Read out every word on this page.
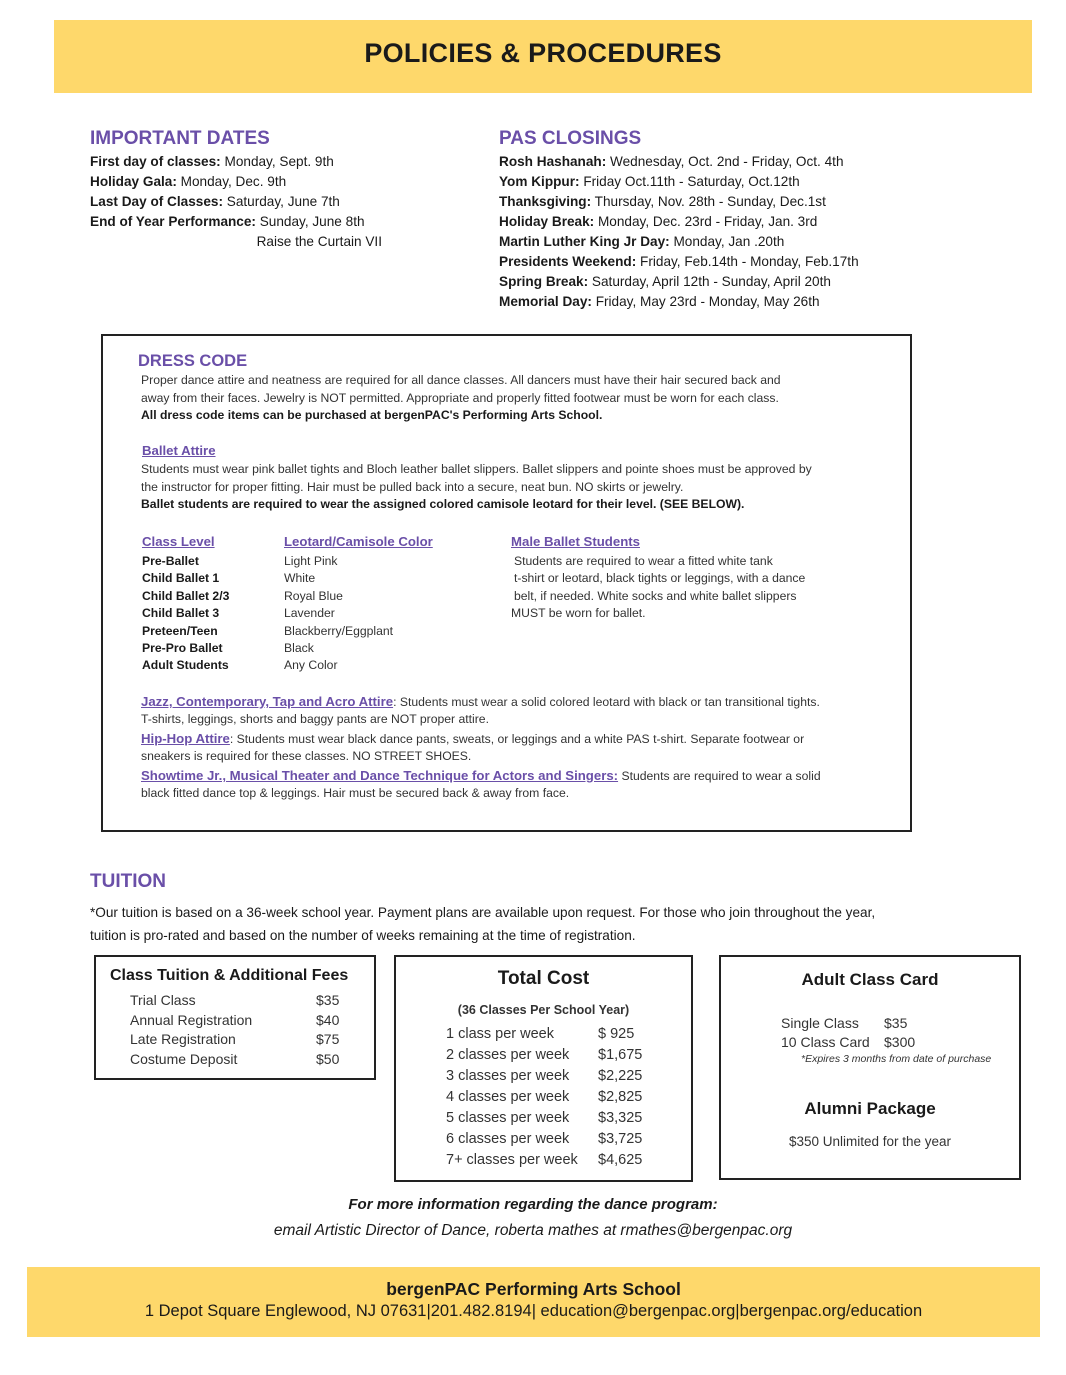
POLICIES & PROCEDURES
IMPORTANT DATES
First day of classes: Monday, Sept. 9th
Holiday Gala: Monday, Dec. 9th
Last Day of Classes: Saturday, June 7th
End of Year Performance: Sunday, June 8th
Raise the Curtain VII
PAS CLOSINGS
Rosh Hashanah: Wednesday, Oct. 2nd - Friday, Oct. 4th
Yom Kippur: Friday Oct.11th - Saturday, Oct.12th
Thanksgiving: Thursday, Nov. 28th - Sunday, Dec.1st
Holiday Break: Monday, Dec. 23rd - Friday, Jan. 3rd
Martin Luther King Jr Day: Monday, Jan .20th
Presidents Weekend: Friday, Feb.14th - Monday, Feb.17th
Spring Break: Saturday, April 12th - Sunday, April 20th
Memorial Day: Friday, May 23rd - Monday, May 26th
DRESS CODE
Proper dance attire and neatness are required for all dance classes. All dancers must have their hair secured back and
away from their faces. Jewelry is NOT permitted. Appropriate and properly fitted footwear must be worn for each class.
All dress code items can be purchased at bergenPAC's Performing Arts School.
Ballet Attire
Students must wear pink ballet tights and Bloch leather ballet slippers. Ballet slippers and pointe shoes must be approved by
the instructor for proper fitting. Hair must be pulled back into a secure, neat bun. NO skirts or jewelry.
Ballet students are required to wear the assigned colored camisole leotard for their level. (SEE BELOW).
Class Level	Leotard/Camisole Color	Male Ballet Students
Pre-Ballet	Light Pink
Child Ballet 1	White
Child Ballet 2/3	Royal Blue
Child Ballet 3	Lavender
Preteen/Teen	Blackberry/Eggplant
Pre-Pro Ballet	Black
Adult Students	Any Color
Students are required to wear a fitted white tank
t-shirt or leotard, black tights or leggings, with a dance
belt, if needed. White socks and white ballet slippers
MUST be worn for ballet.
Jazz, Contemporary, Tap and Acro Attire: Students must wear a solid colored leotard with black or tan transitional tights.
T-shirts, leggings, shorts and baggy pants are NOT proper attire.
Hip-Hop Attire: Students must wear black dance pants, sweats, or leggings and a white PAS t-shirt. Separate footwear or
sneakers is required for these classes. NO STREET SHOES.
Showtime Jr., Musical Theater and Dance Technique for Actors and Singers: Students are required to wear a solid
black fitted dance top & leggings. Hair must be secured back & away from face.
TUITION
*Our tuition is based on a 36-week school year. Payment plans are available upon request. For those who join throughout the year,
tuition is pro-rated and based on the number of weeks remaining at the time of registration.
Class Tuition & Additional Fees
Trial Class	$35
Annual Registration	$40
Late Registration	$75
Costume Deposit	$50
Total Cost
(36 Classes Per School Year)
1 class per week	$ 925
2 classes per week $1,675
3 classes per week $2,225
4 classes per week $2,825
5 classes per week $3,325
6 classes per week $3,725
7+ classes per week $4,625
Adult Class Card
Single Class	$35
10 Class Card $300
*Expires 3 months from date of purchase
Alumni Package
$350 Unlimited for the year
For more information regarding the dance program:
email Artistic Director of Dance, roberta mathes at rmathes@bergenpac.org
bergenPAC Performing Arts School
1 Depot Square Englewood, NJ 07631|201.482.8194| education@bergenpac.org|bergenpac.org/education
